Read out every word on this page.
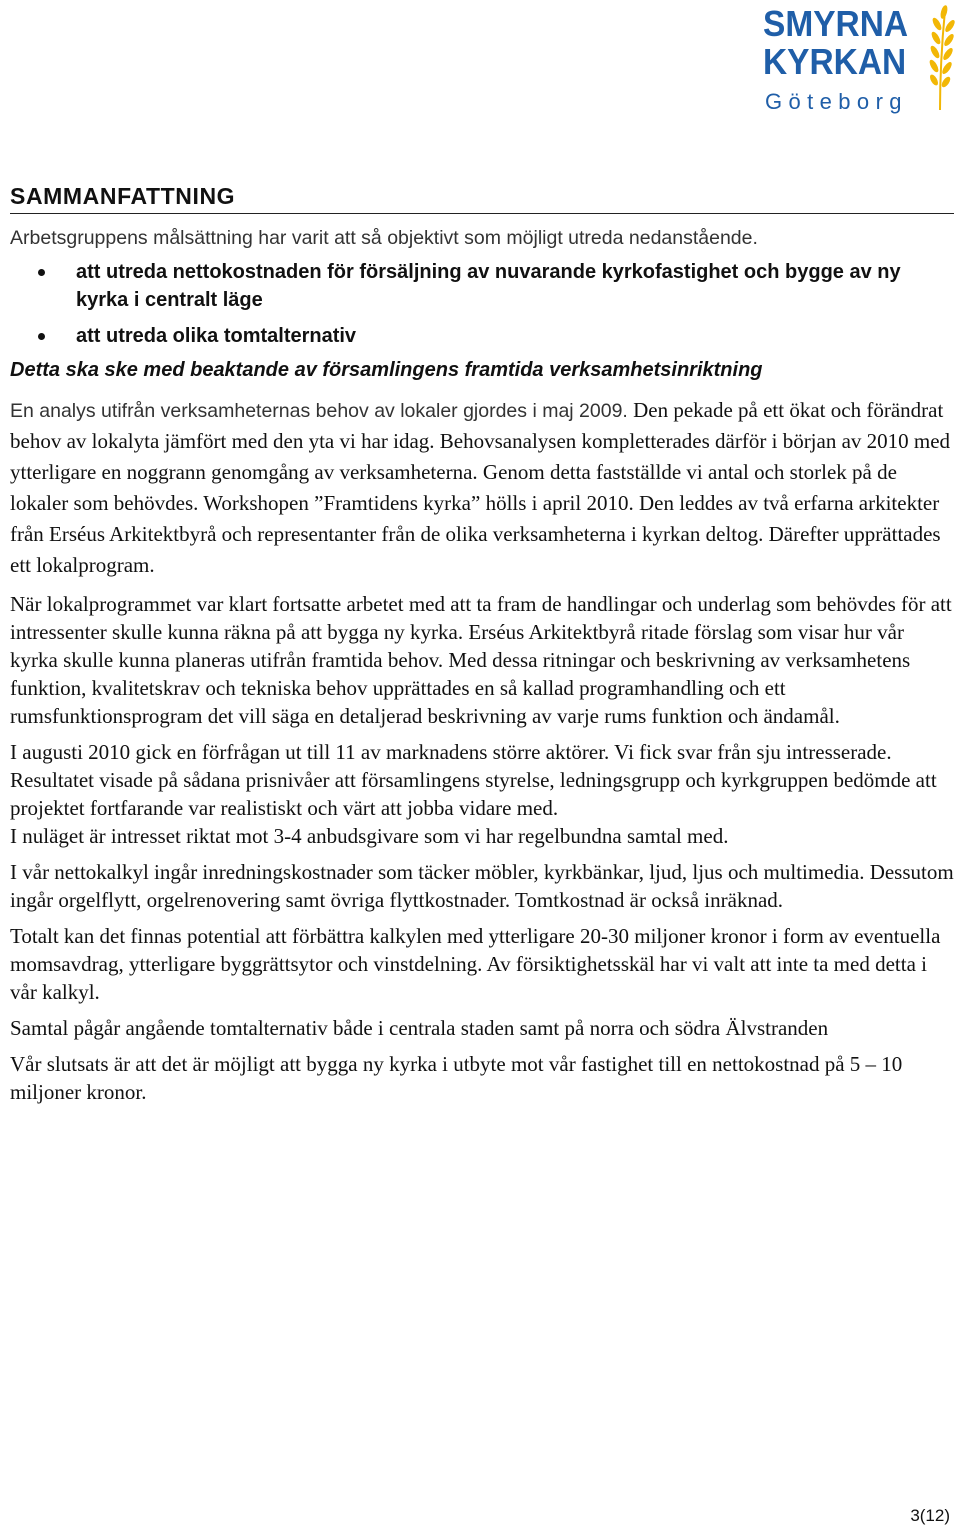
SMYRNA
KYRKAN
Göteborg
SAMMANFATTNING

Arbetsgruppens målsättning har varit att så objektivt som möjligt utreda nedanstående.

att utreda nettokostnaden för försäljning av nuvarande kyrkofastighet och bygge av ny kyrka i centralt läge
att utreda olika tomtalternativ

Detta ska ske med beaktande av församlingens framtida verksamhetsinriktning

En analys utifrån verksamheternas behov av lokaler gjordes i maj 2009. Den pekade på ett ökat och förändrat behov av lokalyta jämfört med den yta vi har idag. Behovsanalysen kompletterades därför i början av 2010 med ytterligare en noggrann genomgång av verksamheterna. Genom detta fastställde vi antal och storlek på de lokaler som behövdes. Workshopen ”Framtidens kyrka” hölls i april 2010. Den leddes av två erfarna arkitekter från Erséus Arkitektbyrå och representanter från de olika verksamheterna i kyrkan deltog. Därefter upprättades ett lokalprogram.

När lokalprogrammet var klart fortsatte arbetet med att ta fram de handlingar och underlag som behövdes för att intressenter skulle kunna räkna på att bygga ny kyrka. Erséus Arkitektbyrå ritade förslag som visar hur vår kyrka skulle kunna planeras utifrån framtida behov. Med dessa ritningar och beskrivning av verksamhetens funktion, kvalitetskrav och tekniska behov upprättades en så kallad programhandling och ett rumsfunktionsprogram det vill säga en detaljerad beskrivning av varje rums funktion och ändamål.

I augusti 2010 gick en förfrågan ut till 11 av marknadens större aktörer. Vi fick svar från sju intresserade. Resultatet visade på sådana prisnivåer att församlingens styrelse, ledningsgrupp och kyrkgruppen bedömde att projektet fortfarande var realistiskt och värt att jobba vidare med.

I nuläget är intresset riktat mot 3-4 anbudsgivare som vi har regelbundna samtal med.

I vår nettokalkyl ingår inredningskostnader som täcker möbler, kyrkbänkar, ljud, ljus och multimedia. Dessutom ingår orgelflytt, orgelrenovering samt övriga flyttkostnader. Tomtkostnad är också inräknad.

Totalt kan det finnas potential att förbättra kalkylen med ytterligare 20-30 miljoner kronor i form av eventuella momsavdrag, ytterligare byggrättsytor och vinstdelning. Av försiktighetsskäl har vi valt att inte ta med detta i vår kalkyl.

Samtal pågår angående tomtalternativ både i centrala staden samt på norra och södra Älvstranden

Vår slutsats är att det är möjligt att bygga ny kyrka i utbyte mot vår fastighet till en nettokostnad på 5 – 10 miljoner kronor.

3(12)
